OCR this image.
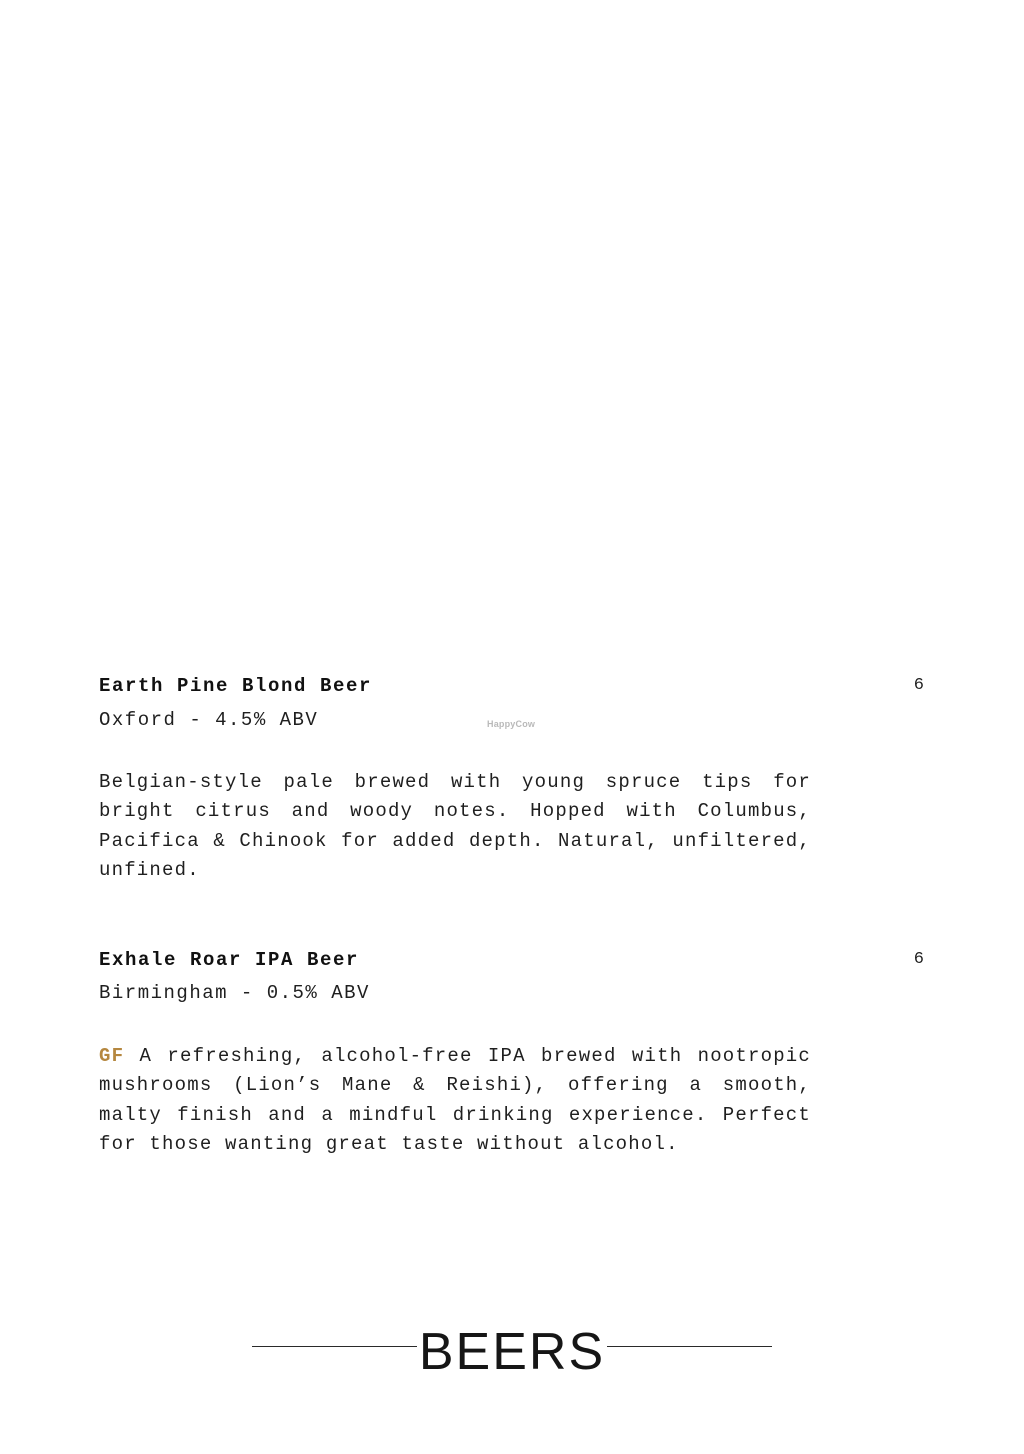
Earth Pine Blond Beer

Oxford - 4.5% ABV

6

Belgian-style pale brewed with young spruce tips for bright citrus and woody notes. Hopped with Columbus, Pacifica & Chinook for added depth. Natural, unfiltered, unfined.

Exhale Roar IPA Beer

Birmingham - 0.5% ABV

6

GF A refreshing, alcohol-free IPA brewed with nootropic mushrooms (Lion’s Mane & Reishi), offering a smooth, malty finish and a mindful drinking experience. Perfect for those wanting great taste without alcohol.

HappyCow
BEERS
